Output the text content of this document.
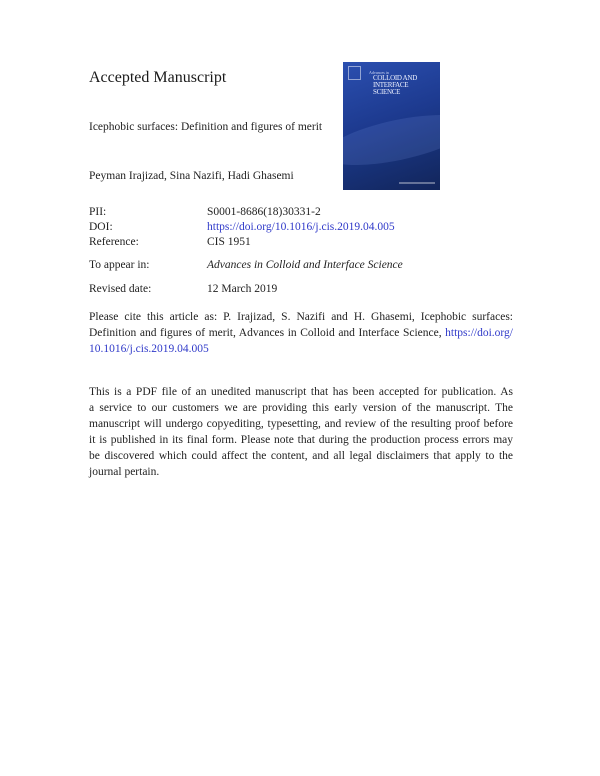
Accepted Manuscript
Icephobic surfaces: Definition and figures of merit
Peyman Irajizad, Sina Nazifi, Hadi Ghasemi
Advances in
COLLOID AND
INTERFACE
SCIENCE
PII:	S0001-8686(18)30331-2
DOI:	https://doi.org/10.1016/j.cis.2019.04.005
Reference:	CIS 1951
To appear in:	Advances in Colloid and Interface Science
Revised date:	12 March 2019
Please cite this article as: P. Irajizad, S. Nazifi and H. Ghasemi, Icephobic surfaces:
Definition and figures of merit, Advances in Colloid and Interface Science, https://doi.org/
10.1016/j.cis.2019.04.005
This is a PDF file of an unedited manuscript that has been accepted for publication. As
a service to our customers we are providing this early version of the manuscript. The
manuscript will undergo copyediting, typesetting, and review of the resulting proof before
it is published in its final form. Please note that during the production process errors may
be discovered which could affect the content, and all legal disclaimers that apply to the
journal pertain.
